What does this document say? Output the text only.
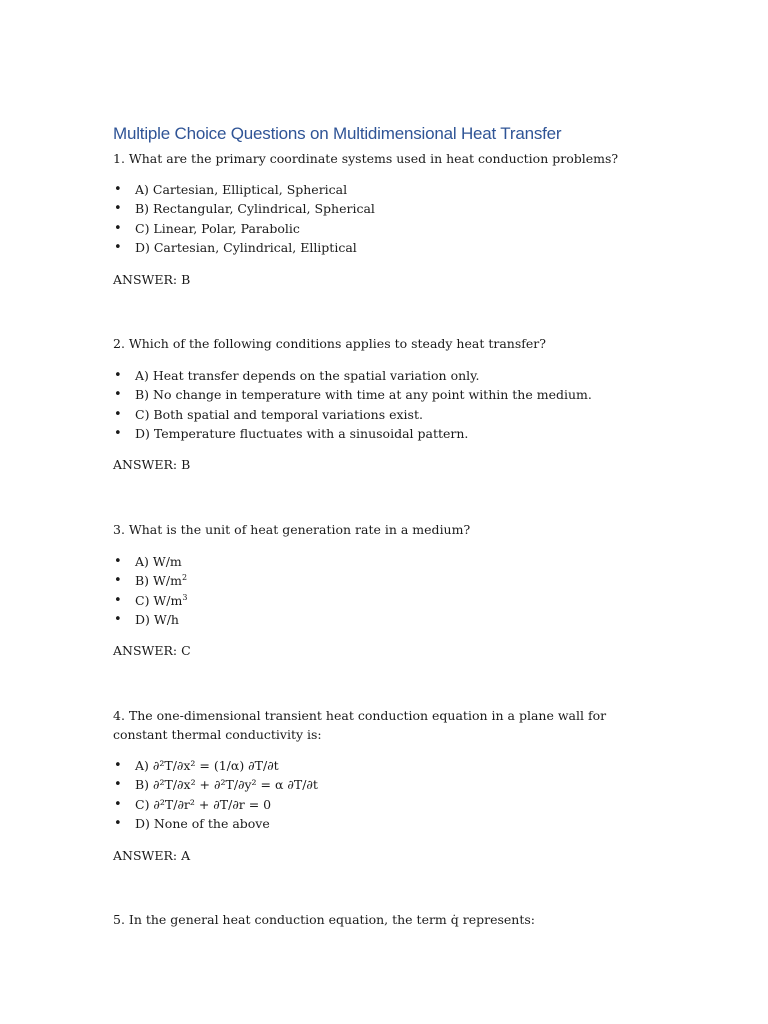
Multiple Choice Questions on Multidimensional Heat Transfer

1. What are the primary coordinate systems used in heat conduction problems?

• A) Cartesian, Elliptical, Spherical
• B) Rectangular, Cylindrical, Spherical
• C) Linear, Polar, Parabolic
• D) Cartesian, Cylindrical, Elliptical

ANSWER: B

2. Which of the following conditions applies to steady heat transfer?

• A) Heat transfer depends on the spatial variation only.
• B) No change in temperature with time at any point within the medium.
• C) Both spatial and temporal variations exist.
• D) Temperature fluctuates with a sinusoidal pattern.

ANSWER: B

3. What is the unit of heat generation rate in a medium?

• A) W/m
• B) $W/m^2$
• C) $W/m^3$
• D) W/h

ANSWER: C

4. The one-dimensional transient heat conduction equation in a plane wall for constant thermal conductivity is:

• A) ∂²T/∂x² = (1/α) ∂T/∂t
• B) ∂²T/∂x² + ∂²T/∂y² = α ∂T/∂t
• C) ∂²T/∂r² + ∂T/∂r = 0
• D) None of the above

ANSWER: A

5. In the general heat conduction equation, the term q̇ represents:
